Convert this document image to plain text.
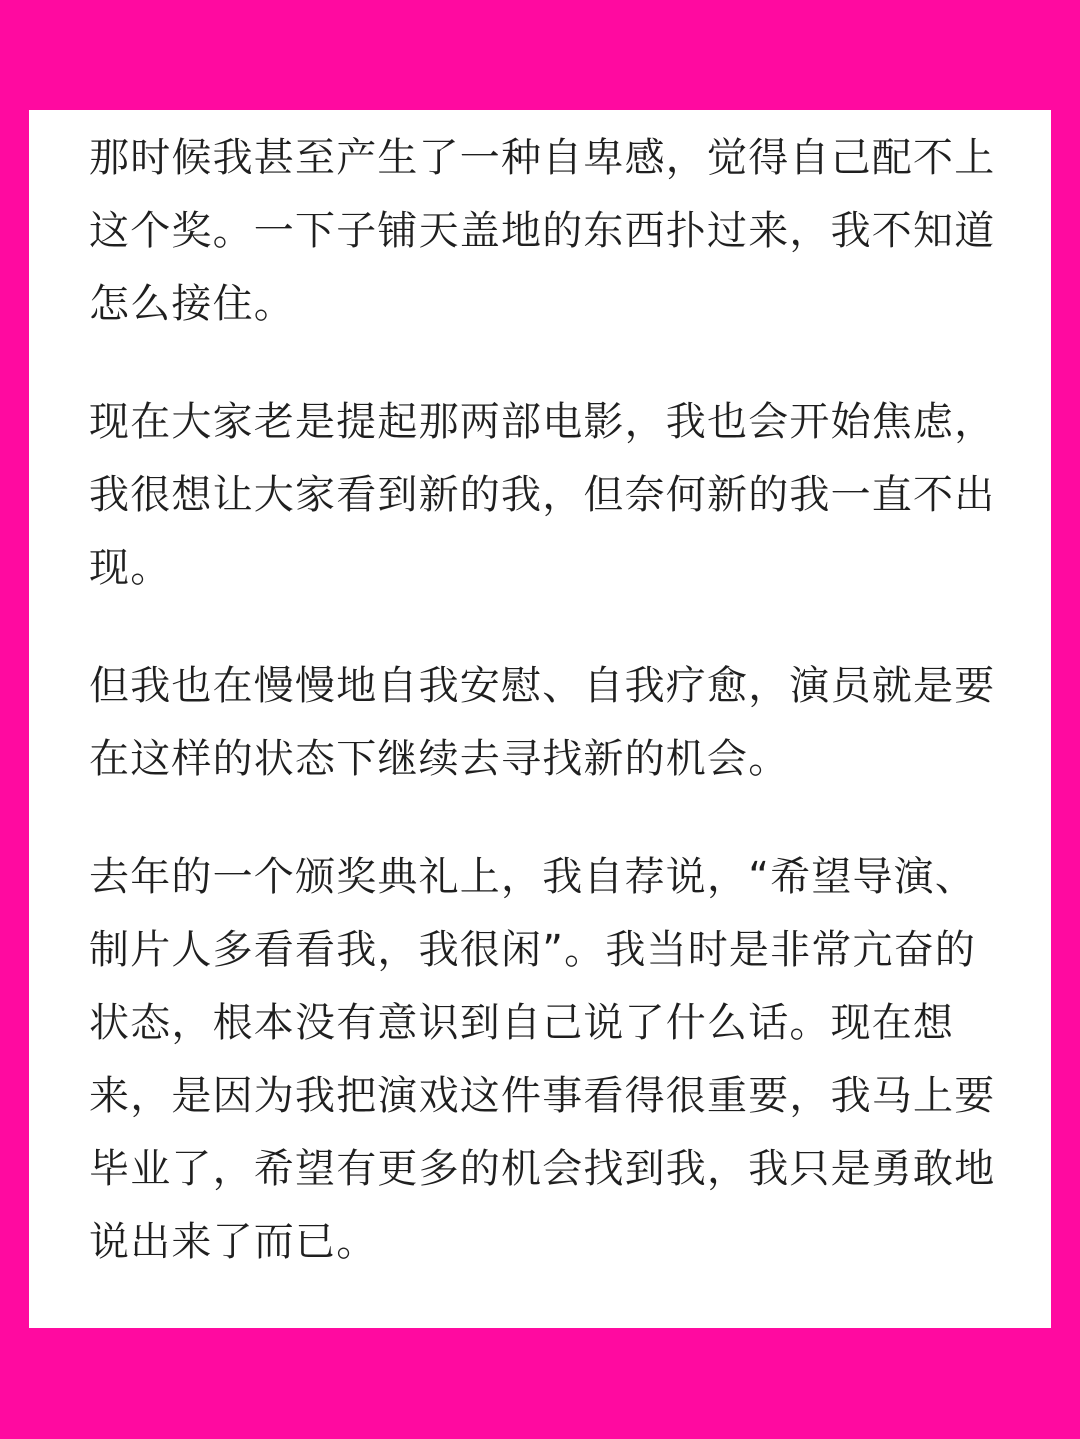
那时候我甚至产生了一种自卑感，觉得自己配不上
这个奖。一下子铺天盖地的东西扑过来，我不知道
怎么接住。

现在大家老是提起那两部电影，我也会开始焦虑，
我很想让大家看到新的我，但奈何新的我一直不出
现。

但我也在慢慢地自我安慰、自我疗愈，演员就是要
在这样的状态下继续去寻找新的机会。

去年的一个颁奖典礼上，我自荐说，“希望导演、
制片人多看看我，我很闲”。我当时是非常亢奋的
状态，根本没有意识到自己说了什么话。现在想
来，是因为我把演戏这件事看得很重要，我马上要
毕业了，希望有更多的机会找到我，我只是勇敢地
说出来了而已。
